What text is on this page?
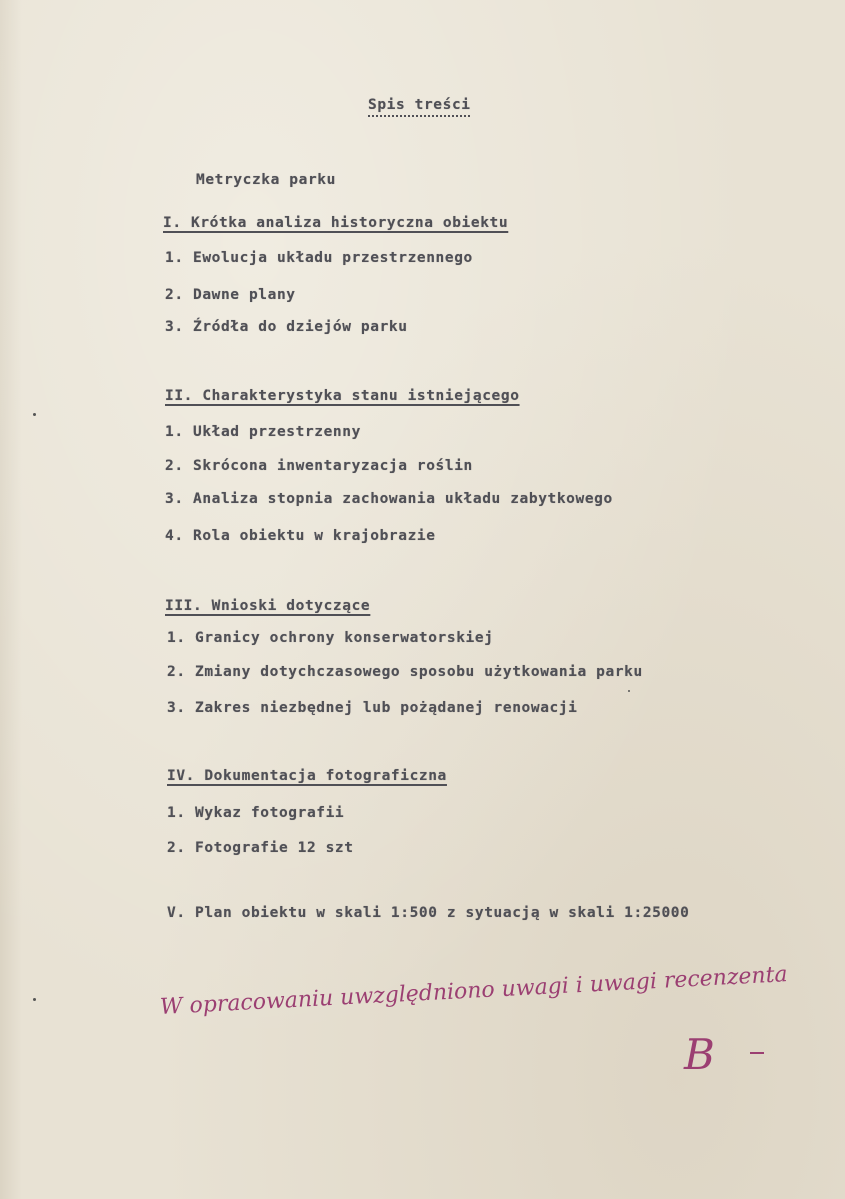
Spis treści
Metryczka parku
I. Krótka analiza historyczna obiektu
1. Ewolucja układu przestrzennego
2. Dawne plany
3. Źródła do dziejów parku
II. Charakterystyka stanu istniejącego
1. Układ przestrzenny
2. Skrócona inwentaryzacja roślin
3. Analiza stopnia zachowania układu zabytkowego
4. Rola obiektu w krajobrazie
III. Wnioski dotyczące
1. Granicy ochrony konserwatorskiej
2. Zmiany dotychczasowego sposobu użytkowania parku
3. Zakres niezbędnej lub pożądanej renowacji
IV. Dokumentacja fotograficzna
1. Wykaz fotografii
2. Fotografie 12 szt
V. Plan obiektu w skali 1:500 z sytuacją w skali 1:25000
W opracowaniu uwzględniono uwagi i uwagi recenzenta
B
